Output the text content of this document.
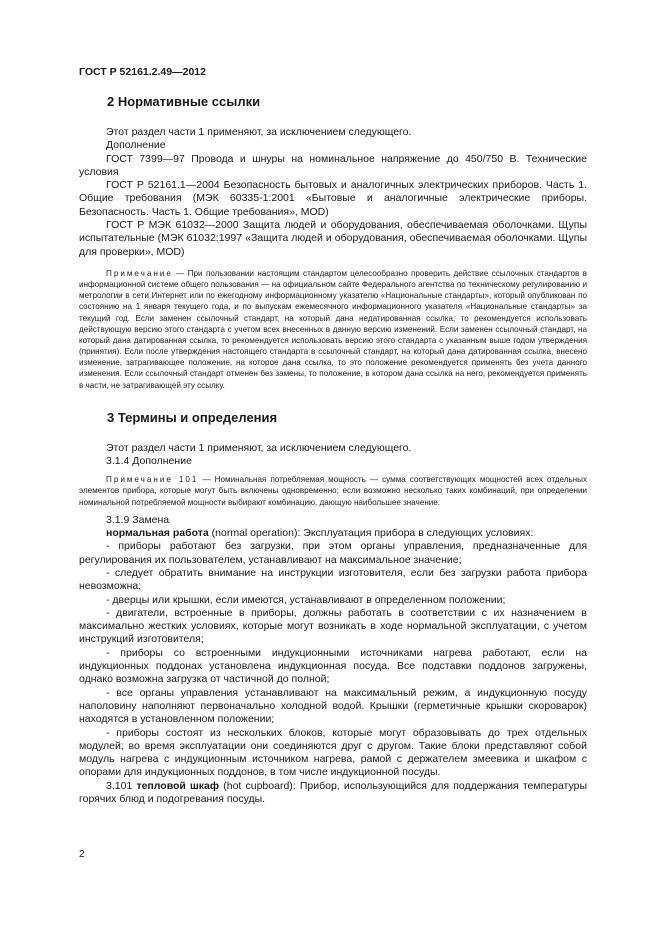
ГОСТ Р 52161.2.49—2012
2 Нормативные ссылки

Этот раздел части 1 применяют, за исключением следующего.

Дополнение

ГОСТ 7399—97 Провода и шнуры на номинальное напряжение до 450/750 В. Технические условия

ГОСТ Р 52161.1—2004 Безопасность бытовых и аналогичных электрических приборов. Часть 1. Общие требования (МЭК 60335-1:2001 «Бытовые и аналогичные электрические приборы. Безопасность. Часть 1. Общие требования», MOD)

ГОСТ Р МЭК 61032—2000 Защита людей и оборудования, обеспечиваемая оболочками. Щупы испытательные (МЭК 61032:1997 «Защита людей и оборудования, обеспечиваемая оболочками. Щупы для проверки», MOD)

Примечание — При пользовании настоящим стандартом целесообразно проверить действие ссылочных стандартов в информационной системе общего пользования — на официальном сайте Федерального агентства по техническому регулированию и метрологии в сети Интернет или по ежегодному информационному указателю «Национальные стандарты», который опубликован по состоянию на 1 января текущего года, и по выпускам ежемесячного информационного указателя «Национальные стандарты» за текущий год. Если заменен ссылочный стандарт, на который дана недатированная ссылка, то рекомендуется использовать действующую версию этого стандарта с учетом всех внесенных в данную версию изменений. Если заменен ссылочный стандарт, на который дана датированная ссылка, то рекомендуется использовать версию этого стандарта с указанным выше годом утверждения (принятия). Если после утверждения настоящего стандарта в ссылочный стандарт, на который дана датированная ссылка, внесено изменение, затрагивающее положение, на которое дана ссылка, то это положение рекомендуется применять без учета данного изменения. Если ссылочный стандарт отменен без замены, то положение, в котором дана ссылка на него, рекомендуется применять в части, не затрагивающей эту ссылку.

3 Термины и определения

Этот раздел части 1 применяют, за исключением следующего.

3.1.4 Дополнение

Примечание 101 — Номинальная потребляемая мощность — сумма соответствующих мощностей всех отдельных элементов прибора, которые могут быть включены одновременно; если возможно несколько таких комбинаций, при определении номинальной потребляемой мощности выбирают комбинацию, дающую наибольшее значение.

3.1.9 Замена

нормальная работа (normal operation): Эксплуатация прибора в следующих условиях:

- приборы работают без загрузки, при этом органы управления, предназначенные для регулирования их пользователем, устанавливают на максимальное значение;

- следует обратить внимание на инструкции изготовителя, если без загрузки работа прибора невозможна;

- дверцы или крышки, если имеются, устанавливают в определенном положении;

- двигатели, встроенные в приборы, должны работать в соответствии с их назначением в максимально жестких условиях, которые могут возникать в ходе нормальной эксплуатации, с учетом инструкций изготовителя;

- приборы со встроенными индукционными источниками нагрева работают, если на индукционных поддонах установлена индукционная посуда. Все подставки поддонов загружены, однако возможна загрузка от частичной до полной;

- все органы управления устанавливают на максимальный режим, а индукционную посуду наполовину наполняют первоначально холодной водой. Крышки (герметичные крышки скороварок) находятся в установленном положении;

- приборы состоят из нескольких блоков, которые могут образовывать до трех отдельных модулей; во время эксплуатации они соединяются друг с другом. Такие блоки представляют собой модуль нагрева с индукционным источником нагрева, рамой с держателем змеевика и шкафом с опорами для индукционных поддонов, в том числе индукционной посуды.

3.101 тепловой шкаф (hot cupboard): Прибор, использующийся для поддержания температуры горячих блюд и подогревания посуды.

2
